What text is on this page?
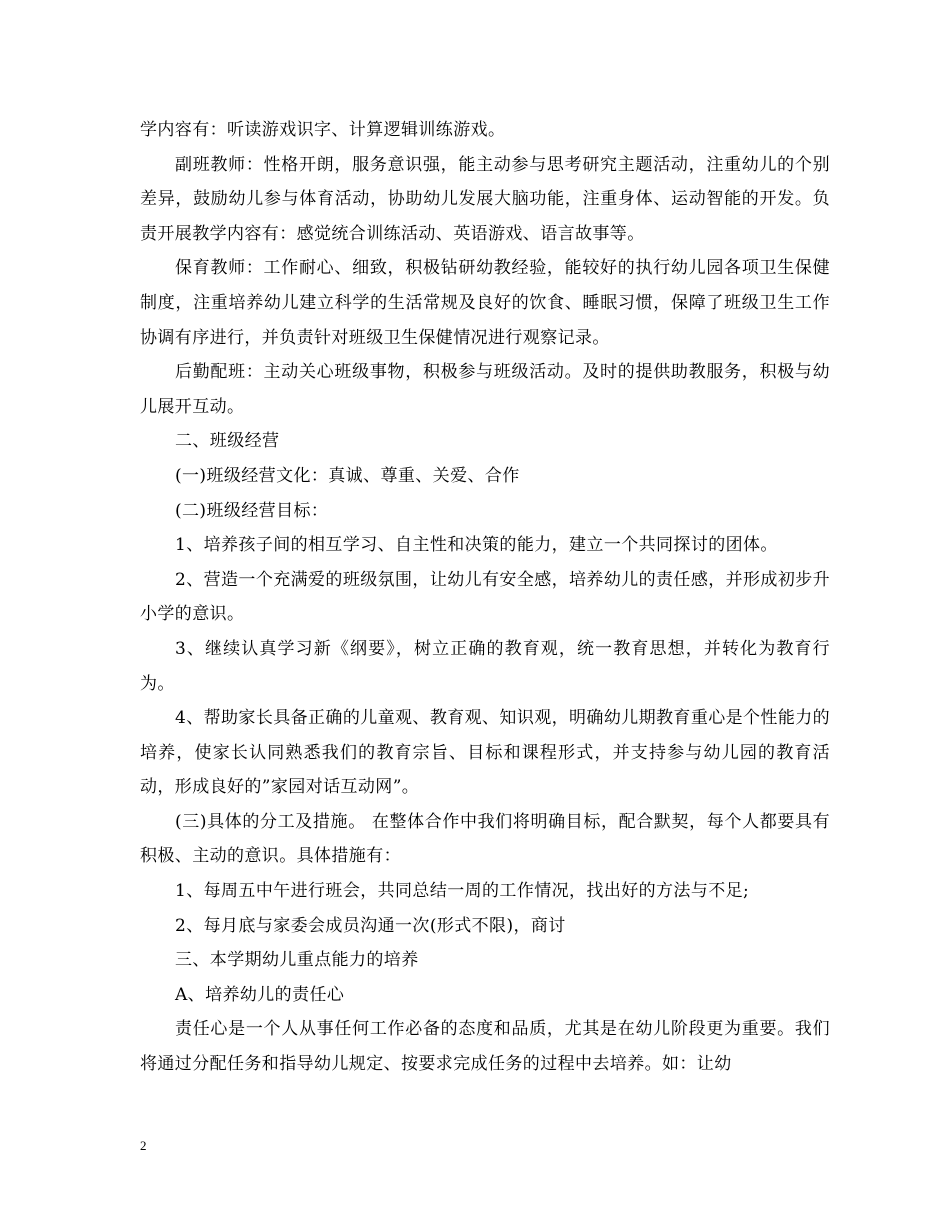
学内容有：听读游戏识字、计算逻辑训练游戏。

副班教师：性格开朗，服务意识强，能主动参与思考研究主题活动，注重幼儿的个别差异，鼓励幼儿参与体育活动，协助幼儿发展大脑功能，注重身体、运动智能的开发。负责开展教学内容有：感觉统合训练活动、英语游戏、语言故事等。

保育教师：工作耐心、细致，积极钻研幼教经验，能较好的执行幼儿园各项卫生保健制度，注重培养幼儿建立科学的生活常规及良好的饮食、睡眠习惯，保障了班级卫生工作协调有序进行，并负责针对班级卫生保健情况进行观察记录。

后勤配班：主动关心班级事物，积极参与班级活动。及时的提供助教服务，积极与幼儿展开互动。

二、班级经营

(一)班级经营文化：真诚、尊重、关爱、合作

(二)班级经营目标：

1、培养孩子间的相互学习、自主性和决策的能力，建立一个共同探讨的团体。

2、营造一个充满爱的班级氛围，让幼儿有安全感，培养幼儿的责任感，并形成初步升小学的意识。

3、继续认真学习新《纲要》，树立正确的教育观，统一教育思想，并转化为教育行为。

4、帮助家长具备正确的儿童观、教育观、知识观，明确幼儿期教育重心是个性能力的培养，使家长认同熟悉我们的教育宗旨、目标和课程形式，并支持参与幼儿园的教育活动，形成良好的”家园对话互动网”。

(三)具体的分工及措施。 在整体合作中我们将明确目标，配合默契，每个人都要具有积极、主动的意识。具体措施有：

1、每周五中午进行班会，共同总结一周的工作情况，找出好的方法与不足;

2、每月底与家委会成员沟通一次(形式不限)，商讨

三、本学期幼儿重点能力的培养

A、培养幼儿的责任心

责任心是一个人从事任何工作必备的态度和品质，尤其是在幼儿阶段更为重要。我们将通过分配任务和指导幼儿规定、按要求完成任务的过程中去培养。如：让幼

2
